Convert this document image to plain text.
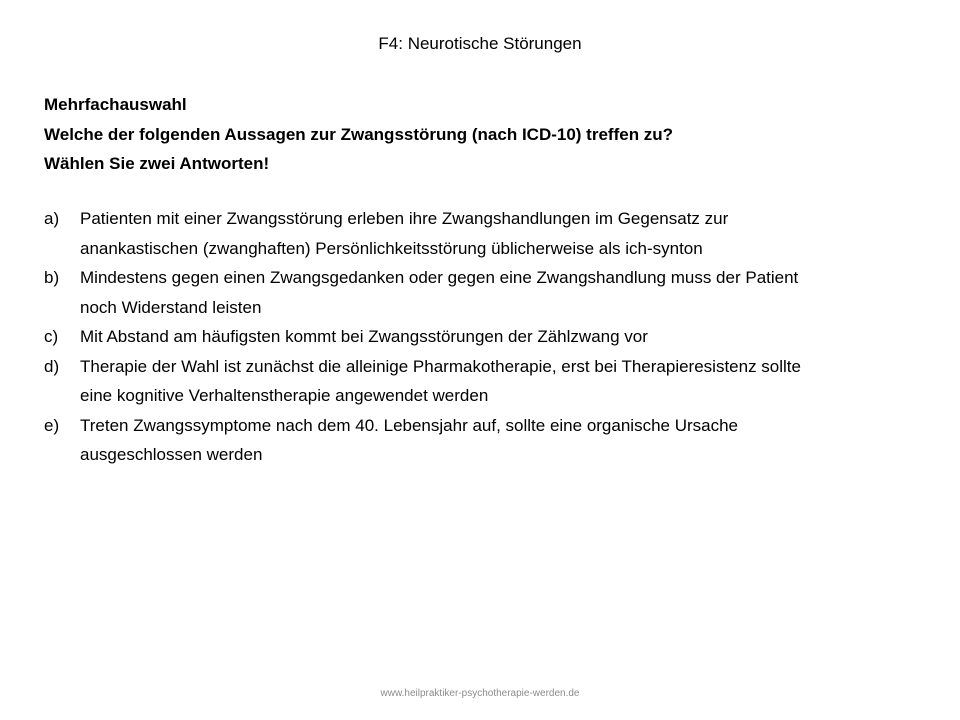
F4: Neurotische Störungen
Mehrfachauswahl
Welche der folgenden Aussagen zur Zwangsstörung (nach ICD-10) treffen zu?
Wählen Sie zwei Antworten!
a)	Patienten mit einer Zwangsstörung erleben ihre Zwangshandlungen im Gegensatz zur
anankastischen (zwanghaften) Persönlichkeitsstörung üblicherweise als ich-synton
b)	Mindestens gegen einen Zwangsgedanken oder gegen eine Zwangshandlung muss der Patient
noch Widerstand leisten
c)	Mit Abstand am häufigsten kommt bei Zwangsstörungen der Zählzwang vor
d)	Therapie der Wahl ist zunächst die alleinige Pharmakotherapie, erst bei Therapieresistenz sollte
eine kognitive Verhaltenstherapie angewendet werden
e)	Treten Zwangssymptome nach dem 40. Lebensjahr auf, sollte eine organische Ursache
ausgeschlossen werden
www.heilpraktiker-psychotherapie-werden.de
